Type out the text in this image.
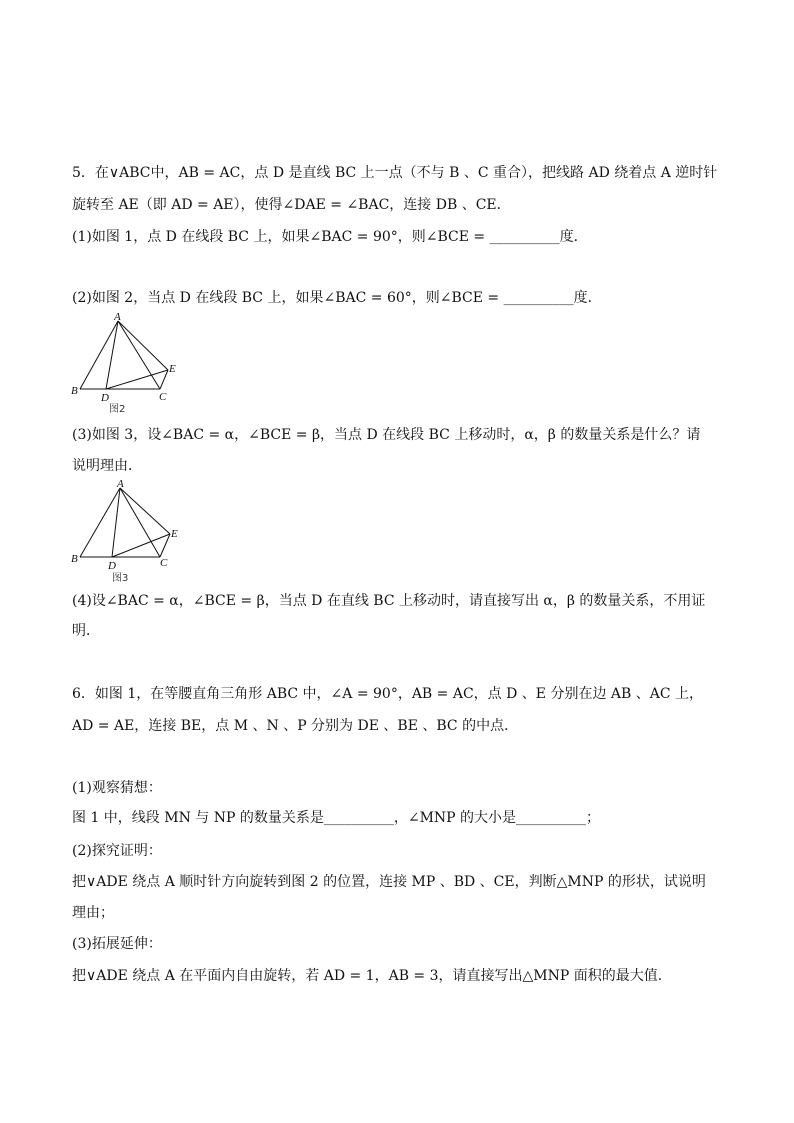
5．在∨ABC中，AB = AC，点 D 是直线 BC 上一点（不与 B 、C 重合），把线路 AD 绕着点 A 逆时针
旋转至 AE（即 AD = AE），使得∠DAE = ∠BAC，连接 DB 、CE．
(1)如图 1，点 D 在线段 BC 上，如果∠BAC = 90°，则∠BCE = __________度．
(2)如图 2，当点 D 在线段 BC 上，如果∠BAC = 60°，则∠BCE = __________度．
A
B	C
D
E
图2
(3)如图 3，设∠BAC = α，∠BCE = β，当点 D 在线段 BC 上移动时，α，β 的数量关系是什么？请
说明理由．
A
B	C
D
E
图3
(4)设∠BAC = α，∠BCE = β，当点 D 在直线 BC 上移动时，请直接写出 α，β 的数量关系，不用证
明．
6．如图 1，在等腰直角三角形 ABC 中，∠A = 90°，AB = AC，点 D 、E 分别在边 AB 、AC 上，
AD = AE，连接 BE，点 M 、N 、P 分别为 DE 、BE 、BC 的中点．
(1)观察猜想：
图 1 中，线段 MN 与 NP 的数量关系是__________，∠MNP 的大小是__________；
(2)探究证明：
把∨ADE 绕点 A 顺时针方向旋转到图 2 的位置，连接 MP 、BD 、CE，判断△MNP 的形状，试说明
理由；
(3)拓展延伸：
把∨ADE 绕点 A 在平面内自由旋转，若 AD = 1，AB = 3，请直接写出△MNP 面积的最大值．
